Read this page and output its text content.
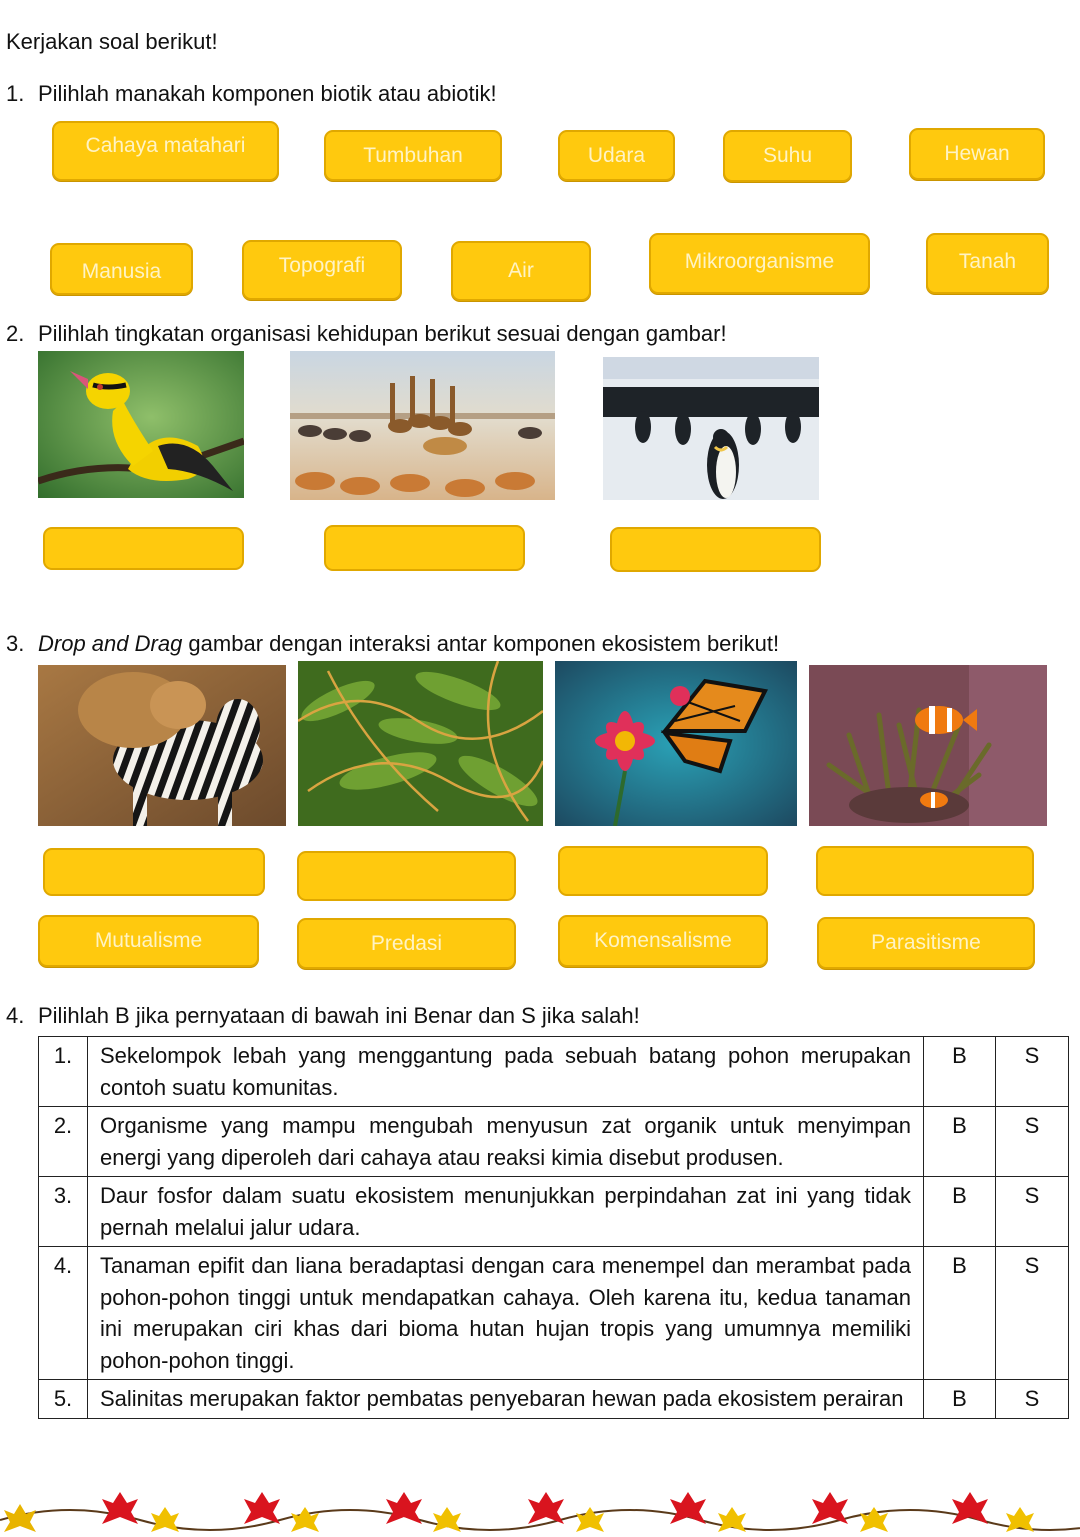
Kerjakan soal berikut!
1. Pilihlah manakah komponen biotik atau abiotik!
Cahaya matahari	Tumbuhan	Udara	Suhu	Hewan
Manusia	Topografi	Air	Mikroorganisme	Tanah
2. Pilihlah tingkatan organisasi kehidupan berikut sesuai dengan gambar!
3. Drop and Drag gambar dengan interaksi antar komponen ekosistem berikut!
Mutualisme	Predasi	Komensalisme	Parasitisme
4. Pilihlah B jika pernyataan di bawah ini Benar dan S jika salah!
1.	Sekelompok lebah yang menggantung pada sebuah batang pohon merupakan contoh suatu komunitas.	B	S
2.	Organisme yang mampu mengubah menyusun zat organik untuk menyimpan energi yang diperoleh dari cahaya atau reaksi kimia disebut produsen.	B	S
3.	Daur fosfor dalam suatu ekosistem menunjukkan perpindahan zat ini yang tidak pernah melalui jalur udara.	B	S
4.	Tanaman epifit dan liana beradaptasi dengan cara menempel dan merambat pada pohon-pohon tinggi untuk mendapatkan cahaya. Oleh karena itu, kedua tanaman ini merupakan ciri khas dari bioma hutan hujan tropis yang umumnya memiliki pohon-pohon tinggi.	B	S
5.	Salinitas merupakan faktor pembatas penyebaran hewan pada ekosistem perairan	B	S
